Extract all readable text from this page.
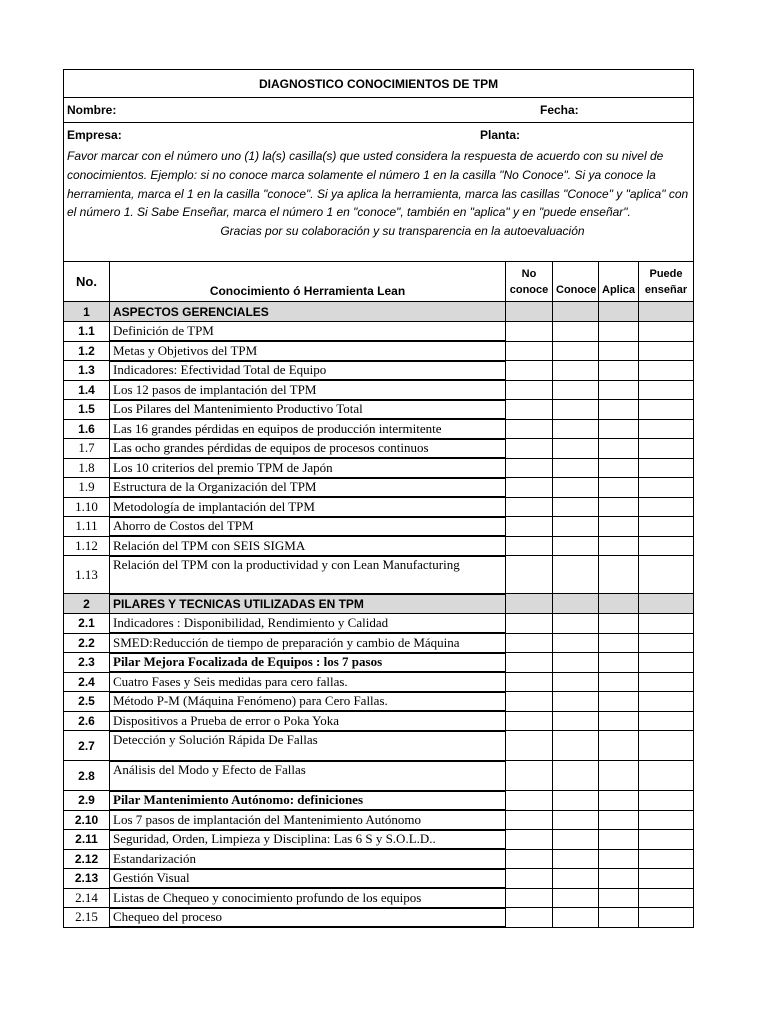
DIAGNOSTICO CONOCIMIENTOS DE TPM					
Nombre: Fecha:					

Empresa: Planta:					

Favor marcar con el número uno (1) la(s) casilla(s) que usted considera la respuesta de acuerdo con su nivel de conocimientos. Ejemplo: si no conoce marca solamente el número 1 en la casilla "No Conoce". Si ya conoce la herramienta, marca el 1 en la casilla "conoce". Si ya aplica la herramienta, marca las casillas "Conoce" y "aplica" con el número 1. Si Sabe Enseñar, marca el número 1 en "conoce", también en "aplica" y en "puede enseñar".  Gracias por su colaboración y su transparencia en la autoevaluación					
No.	Conocimiento ó Herramienta Lean	No conoce	Conoce	Aplica	Puede enseñar
1	ASPECTOS GERENCIALES				
1.1	Definición de TPM				
1.2	Metas y Objetivos del TPM				
1.3	Indicadores: Efectividad Total de Equipo				
1.4	Los 12 pasos de implantación del TPM				
1.5	Los Pilares del Mantenimiento Productivo Total				
1.6	Las 16 grandes pérdidas en equipos de producción intermitente				
1.7	Las ocho grandes pérdidas de equipos de procesos continuos				
1.8	Los 10 criterios del premio TPM de Japón				
1.9	Estructura de la Organización del TPM				
1.10	Metodología de implantación del TPM				
1.11	Ahorro de Costos del TPM				
1.12	Relación del TPM con SEIS SIGMA				
1.13	Relación del TPM con la productividad y con Lean Manufacturing				
2	PILARES Y TECNICAS UTILIZADAS EN TPM				
2.1	Indicadores : Disponibilidad, Rendimiento y Calidad				
2.2	SMED:Reducción de tiempo de preparación y cambio de Máquina				
2.3	Pilar Mejora Focalizada de Equipos : los 7 pasos				
2.4	Cuatro Fases y Seis medidas para cero fallas.				
2.5	Método P-M (Máquina Fenómeno) para Cero Fallas.				
2.6	Dispositivos a Prueba de error o Poka Yoka				
2.7	Detección y Solución Rápida De Fallas				
2.8	Análisis del Modo y Efecto de Fallas				
2.9	Pilar Mantenimiento Autónomo: definiciones				
2.10	Los 7 pasos de implantación del Mantenimiento Autónomo				
2.11	Seguridad, Orden, Limpieza y Disciplina: Las 6 S y S.O.L.D..				
2.12	Estandarización				
2.13	Gestión Visual				
2.14	Listas de Chequeo y conocimiento profundo de los equipos				
2.15	Chequeo del proceso				
